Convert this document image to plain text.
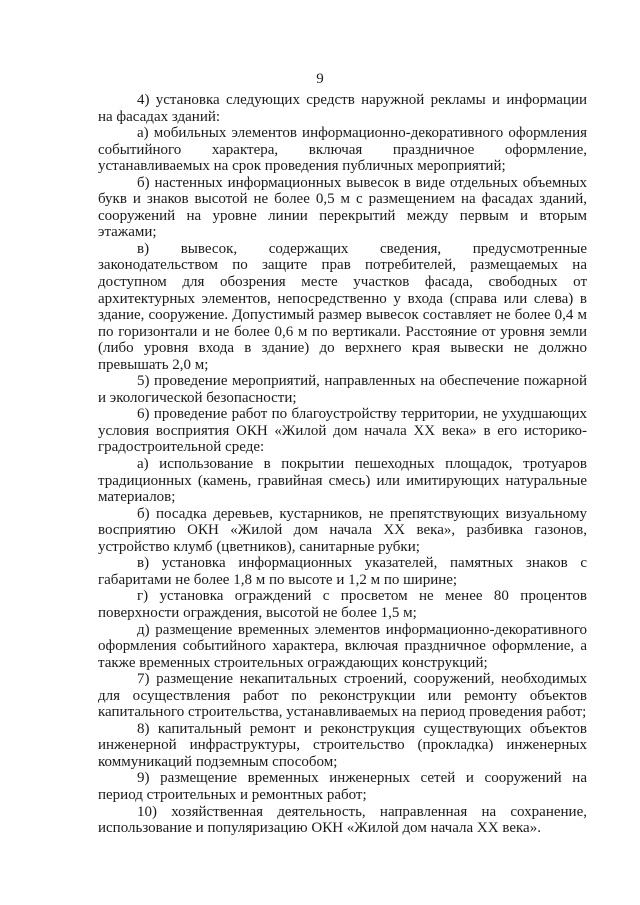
9

4) установка следующих средств наружной рекламы и информации на фасадах зданий:

а) мобильных элементов информационно-декоративного оформления событийного характера, включая праздничное оформление, устанавливаемых на срок проведения публичных мероприятий;

б) настенных информационных вывесок в виде отдельных объемных букв и знаков высотой не более 0,5 м с размещением на фасадах зданий, сооружений на уровне линии перекрытий между первым и вторым этажами;

в) вывесок, содержащих сведения, предусмотренные законодательством по защите прав потребителей, размещаемых на доступном для обозрения месте участков фасада, свободных от архитектурных элементов, непосредственно у входа (справа или слева) в здание, сооружение. Допустимый размер вывесок составляет не более 0,4 м по горизонтали и не более 0,6 м по вертикали. Расстояние от уровня земли (либо уровня входа в здание) до верхнего края вывески не должно превышать 2,0 м;

5) проведение мероприятий, направленных на обеспечение пожарной и экологической безопасности;

6) проведение работ по благоустройству территории, не ухудшающих условия восприятия ОКН «Жилой дом начала XX века» в его историко-градостроительной среде:

а) использование в покрытии пешеходных площадок, тротуаров традиционных (камень, гравийная смесь) или имитирующих натуральные материалов;

б) посадка деревьев, кустарников, не препятствующих визуальному восприятию ОКН «Жилой дом начала XX века», разбивка газонов, устройство клумб (цветников), санитарные рубки;

в) установка информационных указателей, памятных знаков с габаритами не более 1,8 м по высоте и 1,2 м по ширине;

г) установка ограждений с просветом не менее 80 процентов поверхности ограждения, высотой не более 1,5 м;

д) размещение временных элементов информационно-декоративного оформления событийного характера, включая праздничное оформление, а также временных строительных ограждающих конструкций;

7) размещение некапитальных строений, сооружений, необходимых для осуществления работ по реконструкции или ремонту объектов капитального строительства, устанавливаемых на период проведения работ;

8) капитальный ремонт и реконструкция существующих объектов инженерной инфраструктуры, строительство (прокладка) инженерных коммуникаций подземным способом;

9) размещение временных инженерных сетей и сооружений на период строительных и ремонтных работ;

10) хозяйственная деятельность, направленная на сохранение, использование и популяризацию ОКН «Жилой дом начала XX века».
